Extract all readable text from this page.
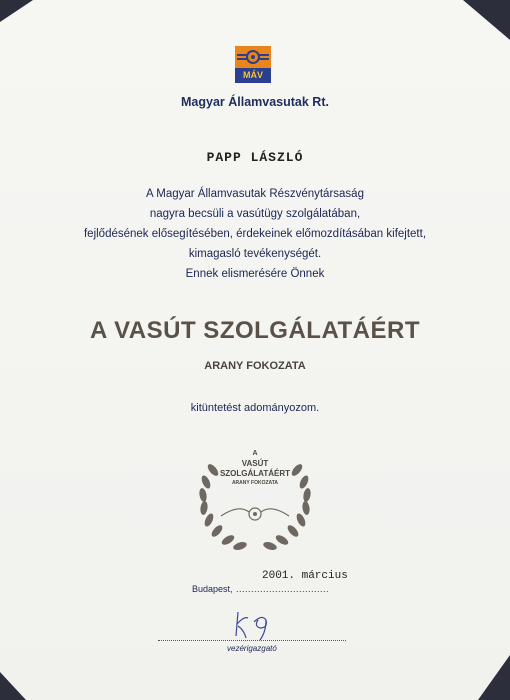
MÁV
Magyar Államvasutak Rt.
PAPP LÁSZLÓ
A Magyar Államvasutak Részvénytársaság
nagyra becsüli a vasútügy szolgálatában,
fejlődésének elősegítésében, érdekeinek előmozdításában kifejtett,
kimagasló tevékenységét.
Ennek elismerésére Önnek
A VASÚT SZOLGÁLATÁÉRT
ARANY FOKOZATA
kitüntetést adományozom.
A
VASÚT
SZOLGÁLATÁÉRT
ARANY FOKOZATA
2001. március
Budapest, ...............................
vezérigazgató
